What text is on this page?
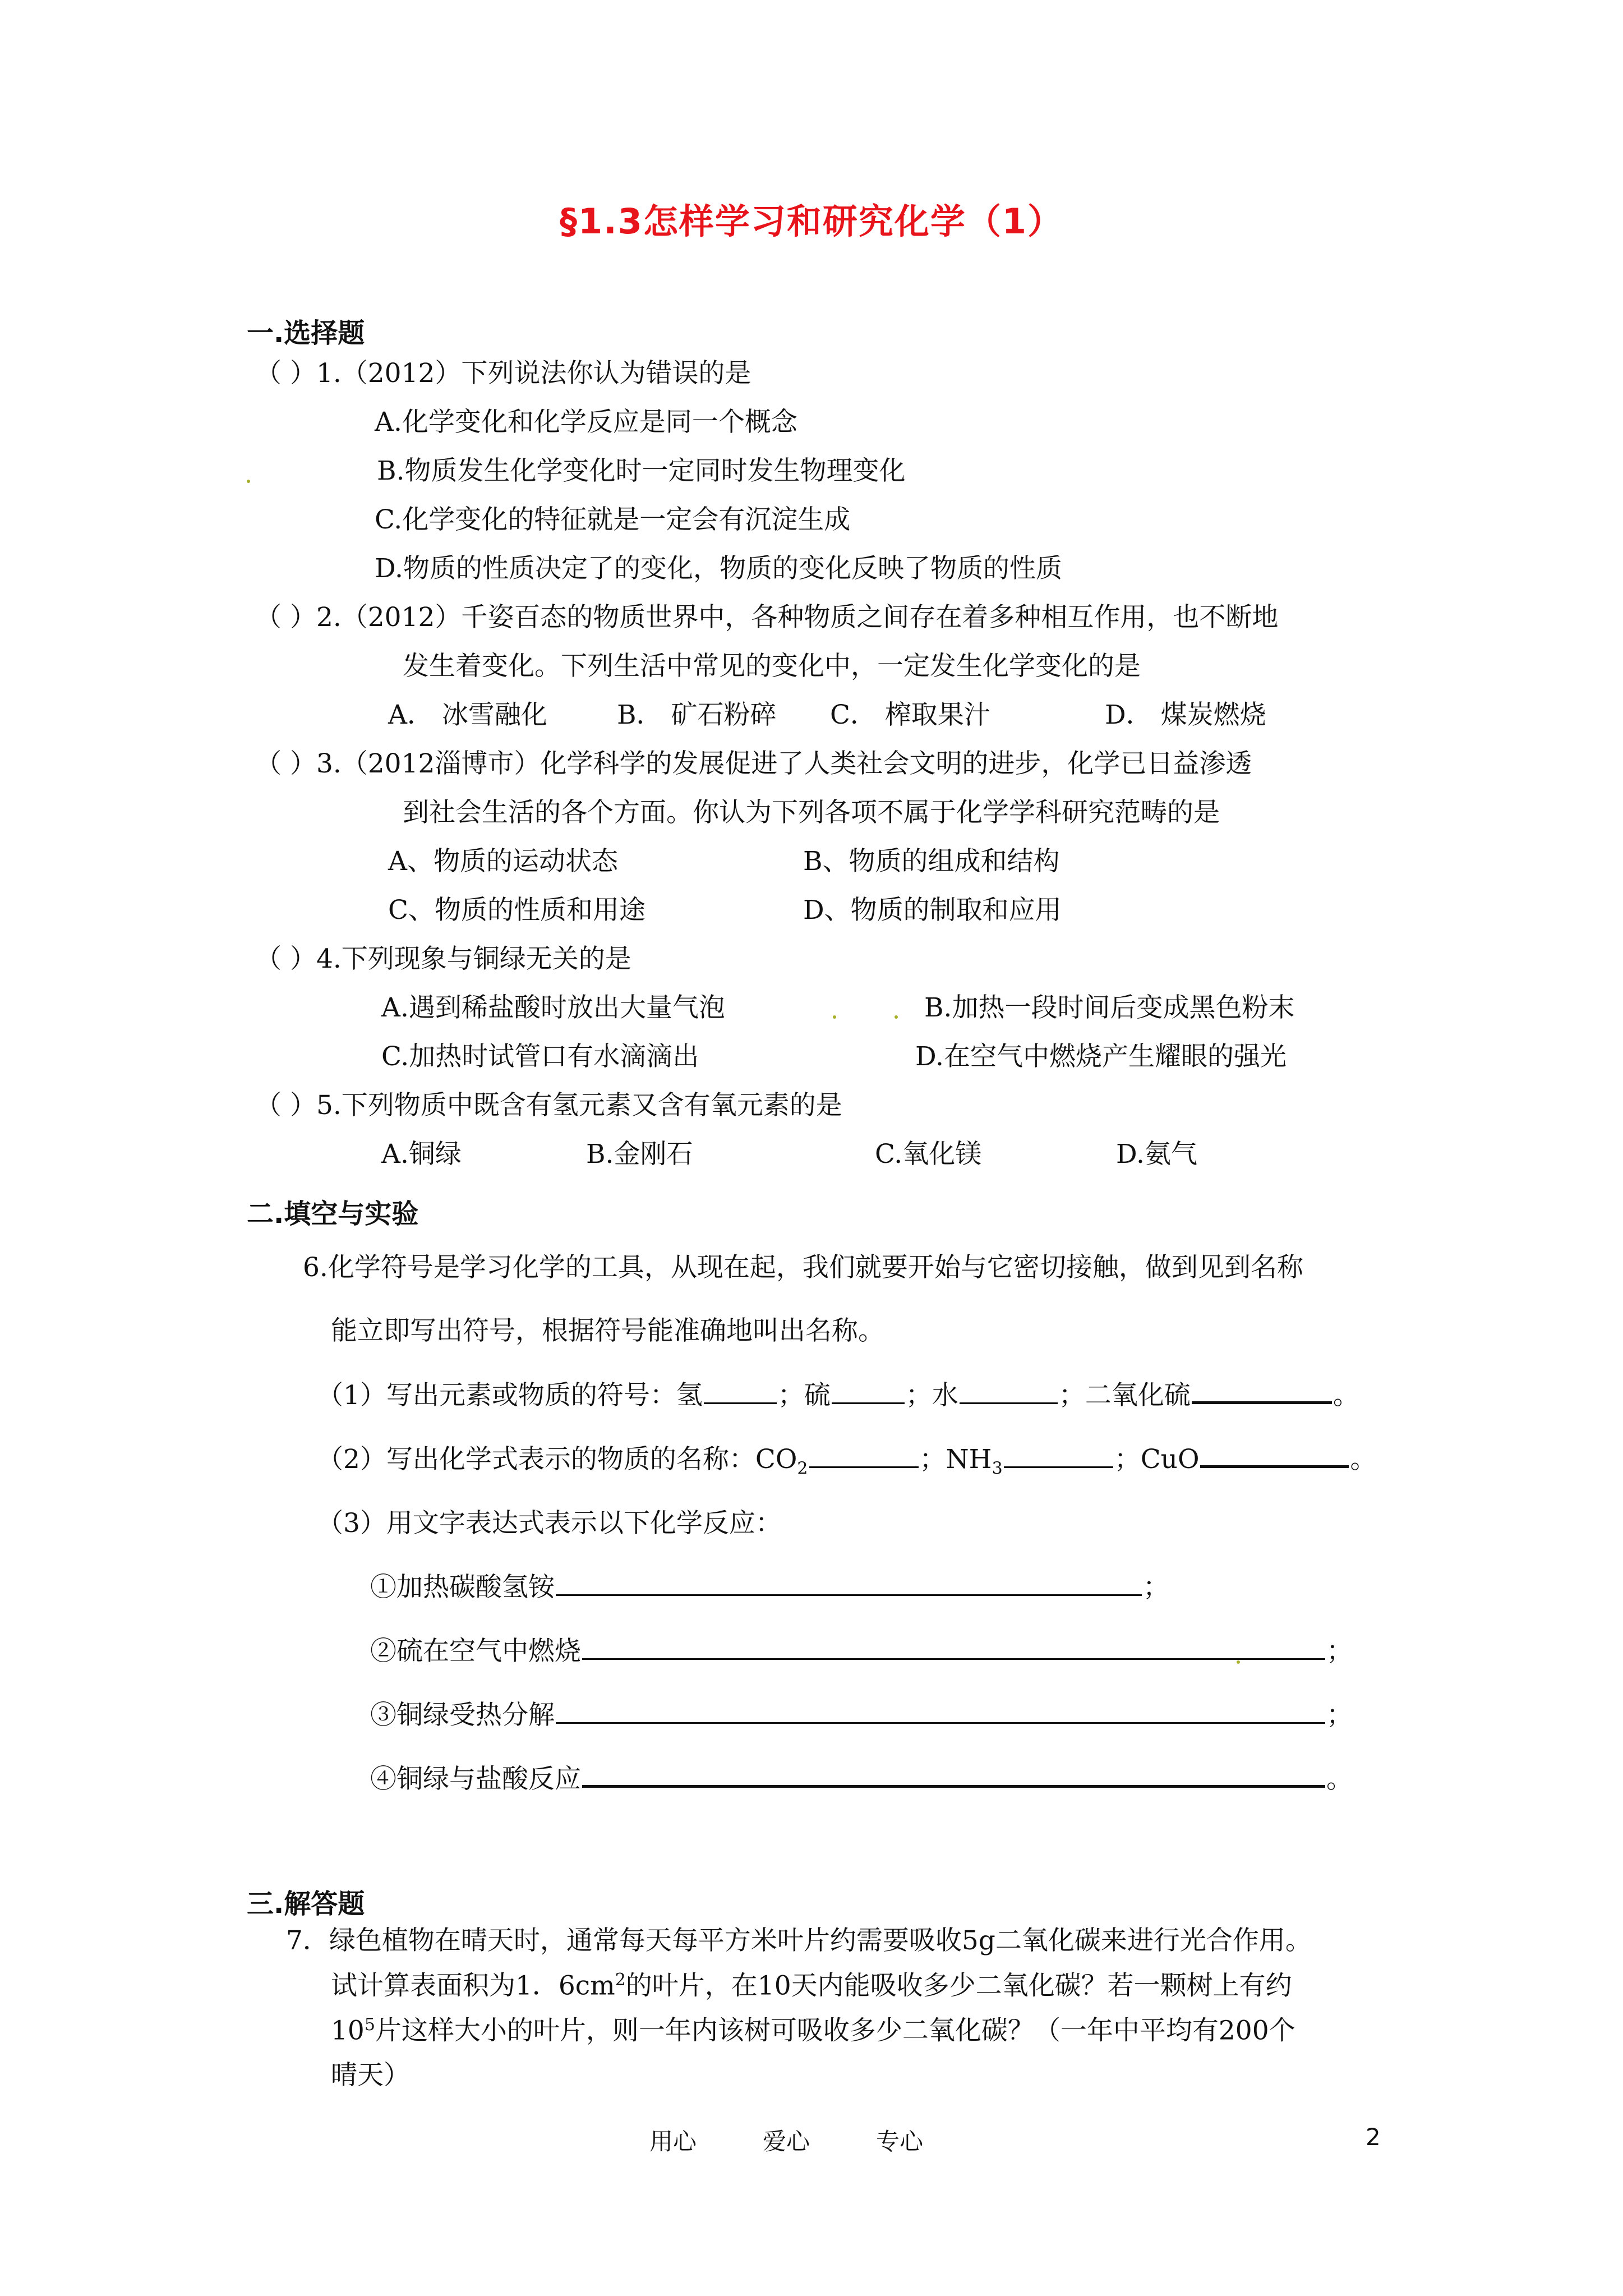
§1.3怎样学习和研究化学（1）
一.选择题
（ ）1.（2012）下列说法你认为错误的是
A.化学变化和化学反应是同一个概念
B.物质发生化学变化时一定同时发生物理变化
C.化学变化的特征就是一定会有沉淀生成
D.物质的性质决定了的变化，物质的变化反映了物质的性质
（ ）2.（2012）千姿百态的物质世界中，各种物质之间存在着多种相互作用，也不断地
发生着变化。下列生活中常见的变化中，一定发生化学变化的是
A． 冰雪融化	B． 矿石粉碎 C． 榨取果汁	D． 煤炭燃烧
（ ）3.（2012淄博市）化学科学的发展促进了人类社会文明的进步，化学已日益渗透
到社会生活的各个方面。你认为下列各项不属于化学学科研究范畴的是
A、物质的运动状态	B、物质的组成和结构
C、物质的性质和用途	D、物质的制取和应用
（ ）4.下列现象与铜绿无关的是
A.遇到稀盐酸时放出大量气泡	B.加热一段时间后变成黑色粉末
C.加热时试管口有水滴滴出	D.在空气中燃烧产生耀眼的强光
（ ）5.下列物质中既含有氢元素又含有氧元素的是
A.铜绿	B.金刚石	C.氧化镁	D.氨气
二.填空与实验
6.化学符号是学习化学的工具，从现在起，我们就要开始与它密切接触，做到见到名称
能立即写出符号，根据符号能准确地叫出名称。
（1）写出元素或物质的符号：氢	；硫	；水	；二氧化硫	。
（2）写出化学式表示的物质的名称：$CO_2$	；$NH_3$	；CuO	。
（3）用文字表达式表示以下化学反应：
①加热碳酸氢铵	；
②硫在空气中燃烧	；
③铜绿受热分解	；
④铜绿与盐酸反应	。
三.解答题
7．绿色植物在晴天时，通常每天每平方米叶片约需要吸收5g二氧化碳来进行光合作用。
试计算表面积为1．$6cm^2$的叶片，在10天内能吸收多少二氧化碳？若一颗树上有约
$10^5$片这样大小的叶片，则一年内该树可吸收多少二氧化碳？（一年中平均有200个
晴天）
用心	爱心	专心	2
